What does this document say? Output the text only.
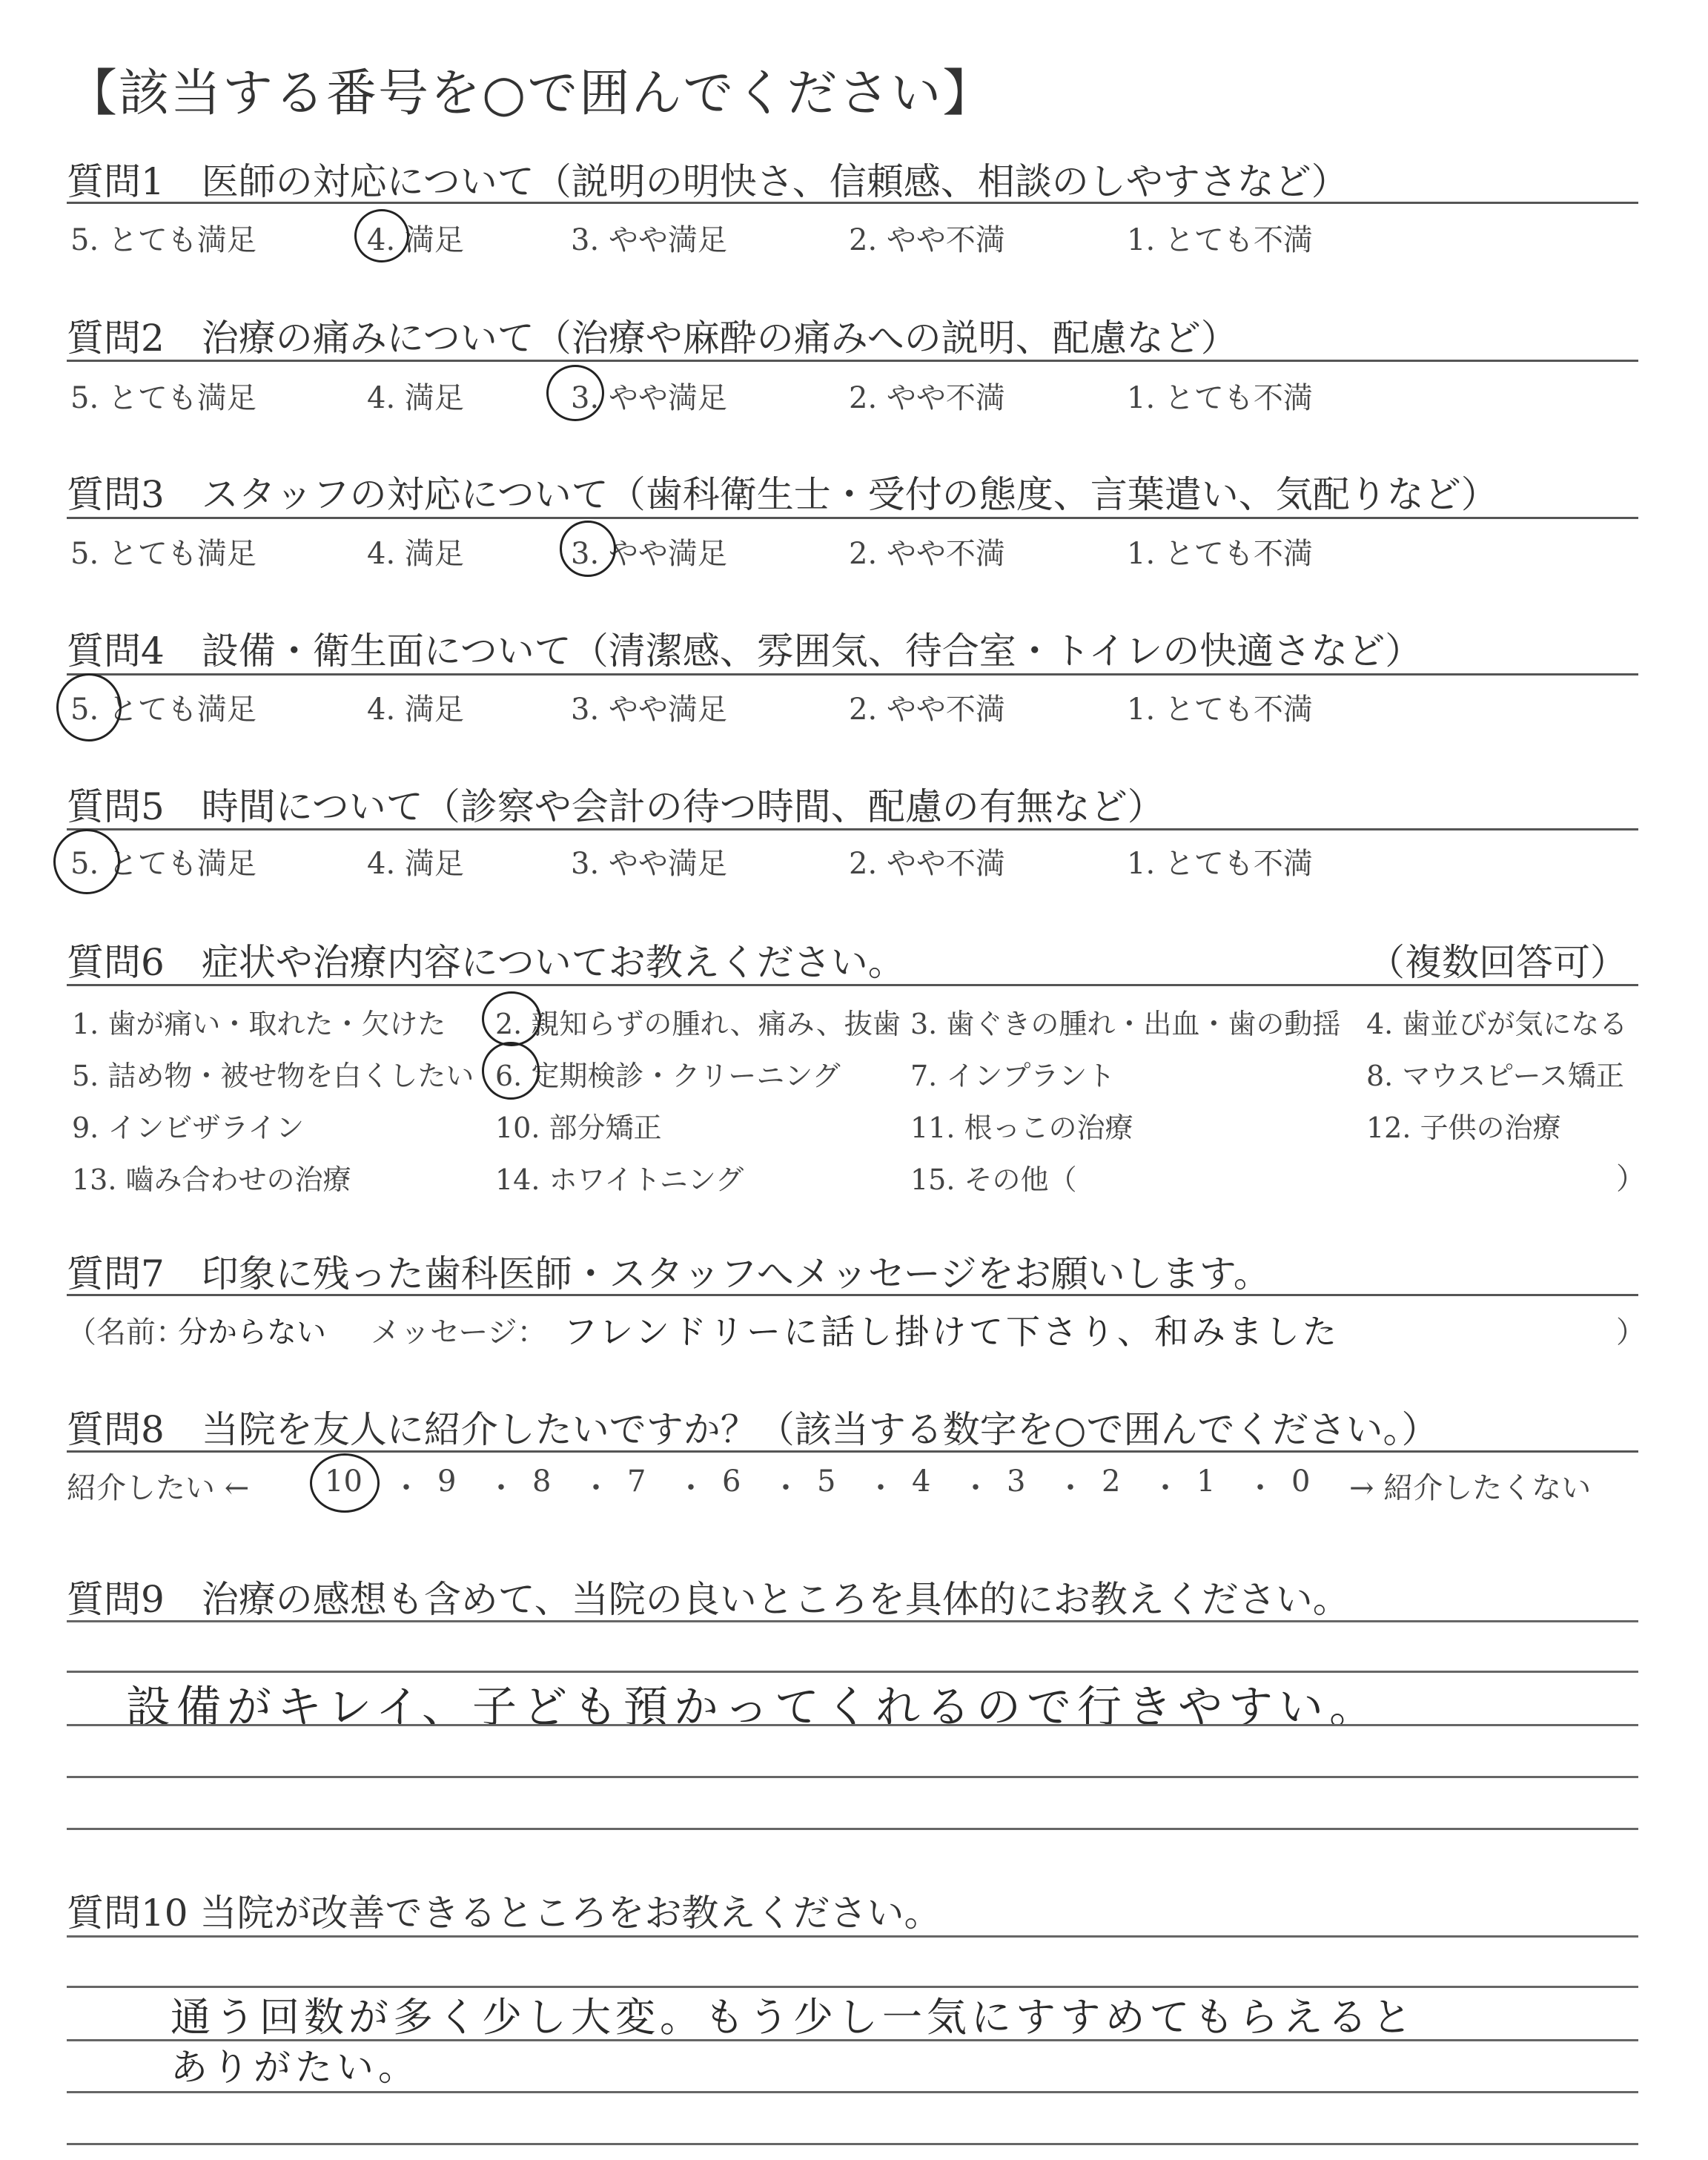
【該当する番号を○で囲んでください】
質問1　医師の対応について（説明の明快さ、信頼感、相談のしやすさなど）
5. とても満足	4. 満足	3. やや満足	2. やや不満	1. とても不満
質問2　治療の痛みについて（治療や麻酔の痛みへの説明、配慮など）
5. とても満足	4. 満足	3. やや満足	2. やや不満	1. とても不満
質問3　スタッフの対応について（歯科衛生士・受付の態度、言葉遣い、気配りなど）
5. とても満足	4. 満足	3. やや満足	2. やや不満	1. とても不満
質問4　設備・衛生面について（清潔感、雰囲気、待合室・トイレの快適さなど）
5. とても満足	4. 満足	3. やや満足	2. やや不満	1. とても不満
質問5　時間について（診察や会計の待つ時間、配慮の有無など）
5. とても満足	4. 満足	3. やや満足	2. やや不満	1. とても不満
質問6　症状や治療内容についてお教えください。	（複数回答可）
1. 歯が痛い・取れた・欠けた 2. 親知らずの腫れ、痛み、抜歯 3. 歯ぐきの腫れ・出血・歯の動揺 4. 歯並びが気になる
5. 詰め物・被せ物を白くしたい 6. 定期検診・クリーニング 7. インプラント	8. マウスピース矯正
9. インビザライン	10. 部分矯正	11. 根っこの治療	12. 子供の治療
13. 嚙み合わせの治療	14. ホワイトニング	15. その他（	）
質問7　印象に残った歯科医師・スタッフへメッセージをお願いします。
（名前：
分からない メッセージ： フレンドリーに話し掛けて下さり、和みました	）
質問8　当院を友人に紹介したいですか？（該当する数字を○で囲んでください。）
紹介したい ←	10 ・ 9 ・ 8 ・ 7 ・ 6 ・ 5 ・ 4 ・ 3 ・ 2 ・ 1 ・ 0 → 紹介したくない
質問9　治療の感想も含めて、当院の良いところを具体的にお教えください。
設備がキレイ、子ども預かってくれるので行きやすい。
質問10 当院が改善できるところをお教えください。
通う回数が多く少し大変。もう少し一気にすすめてもらえると
ありがたい。
